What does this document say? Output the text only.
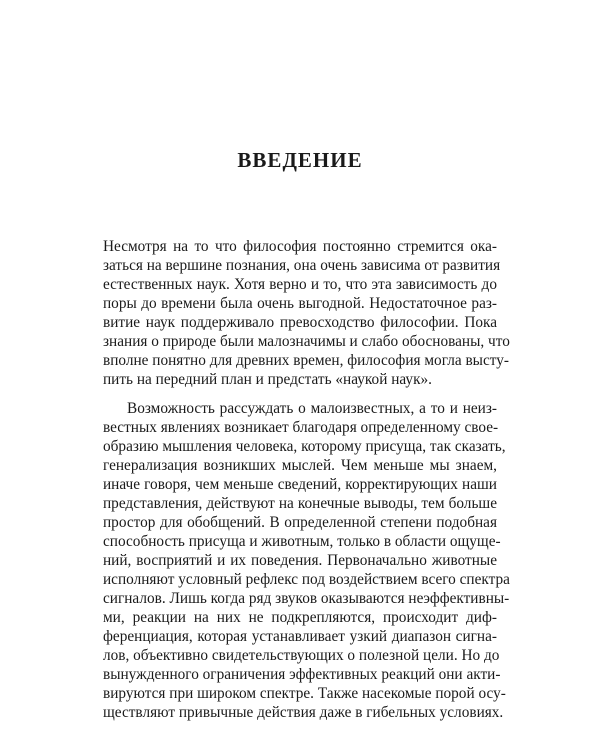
ВВЕДЕНИЕ
Несмотря на то что философия постоянно стремится ока-
заться на вершине познания, она очень зависима от развития
естественных наук. Хотя верно и то, что эта зависимость до
поры до времени была очень выгодной. Недостаточное раз-
витие наук поддерживало превосходство философии. Пока
знания о природе были малозначимы и слабо обоснованы, что
вполне понятно для древних времен, философия могла высту-
пить на передний план и предстать «наукой наук».
Возможность рассуждать о малоизвестных, а то и неиз-
вестных явлениях возникает благодаря определенному свое-
образию мышления человека, которому присуща, так сказать,
генерализация возникших мыслей. Чем меньше мы знаем,
иначе говоря, чем меньше сведений, корректирующих наши
представления, действуют на конечные выводы, тем больше
простор для обобщений. В определенной степени подобная
способность присуща и животным, только в области ощуще-
ний, восприятий и их поведения. Первоначально животные
исполняют условный рефлекс под воздействием всего спектра
сигналов. Лишь когда ряд звуков оказываются неэффективны-
ми, реакции на них не подкрепляются, происходит диф-
ференциация, которая устанавливает узкий диапазон сигна-
лов, объективно свидетельствующих о полезной цели. Но до
вынужденного ограничения эффективных реакций они акти-
вируются при широком спектре. Также насекомые порой осу-
ществляют привычные действия даже в гибельных условиях.
